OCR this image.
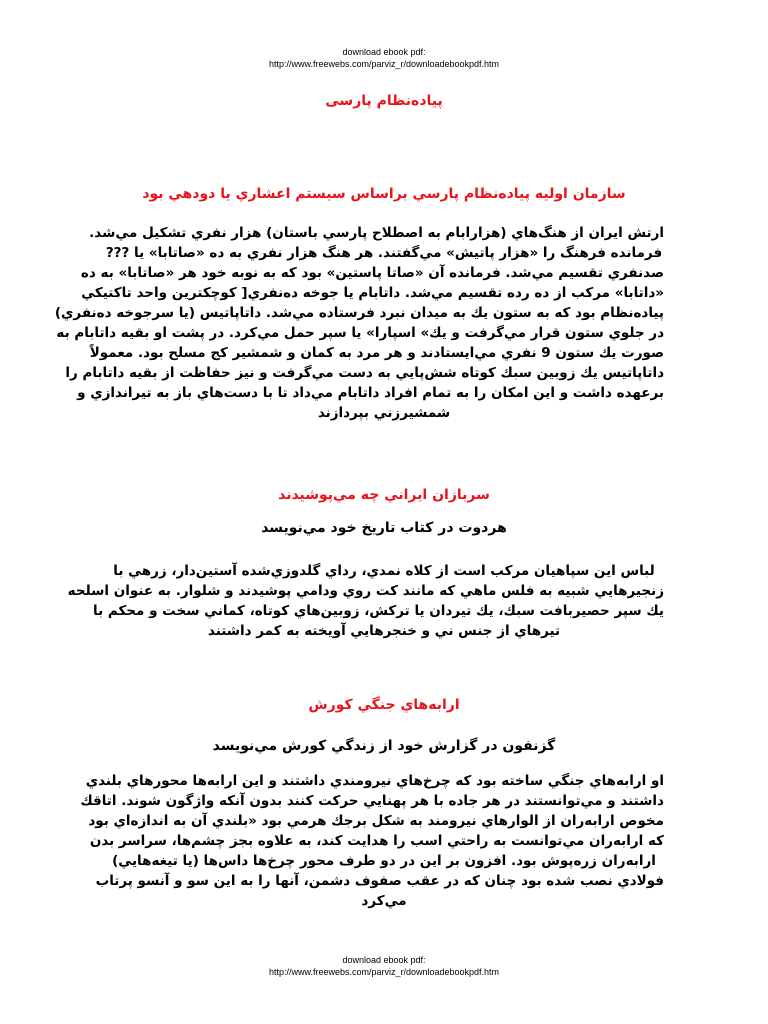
download ebook pdf:
http://www.freewebs.com/parviz_r/downloadebookpdf.htm
پیادەنظام پارسی
سازمان اوليه پيادەنظام پارسي براساس سيستم اعشاري يا دودهي بود
ارتش ايران از هنگ‌هاي (هزارابام به اصطلاح پارسي باستان) هزار نفري تشكيل مي‌شد.
فرمانده فرهنگ را «هزار پاتيش» مي‌گفتند. هر هنگ هزار نفري به ده «صاتابا» يا ???
صدنفري تقسيم مي‌شد. فرمانده آن «صاتا پاستين» بود كه به نوبه خود هر «صاتابا» به ده
«داتابا» مركب از ده رده تقسيم مي‌شد. داتابام يا جوخه دەنفري[ كوچكترين واحد تاكتيكي
پيادەنظام بود كه به ستون يك به ميدان نبرد فرستاده مي‌شد. داتاپاتيس (يا سرجوخه دەنفري)
در جلوي ستون قرار مي‌گرفت و يك» اسپارا» يا سپر حمل مي‌كرد. در پشت او بقيه داتابام به
صورت يك ستون 9 نفري مي‌ايستادند و هر مرد به كمان و شمشير كج مسلح بود. معمولاً
داتاپاتيس يك زوبين سبك كوتاه شش‌پايي به دست مي‌گرفت و نيز حفاظت از بقيه داتابام را
برعهده داشت و اين امكان را به تمام افراد داتابام مي‌داد تا با دست‌هاي باز به تيراندازي و
شمشيرزني بپردازند
سربازان ايراني چه مي‌پوشيدند
هردوت در كتاب تاريخ خود مي‌نويسد
لباس اين سپاهيان مركب است از كلاه نمدي، رداي گلدوزي‌شده آستين‌دار، زرهي با
زنجيرهايي شبيه به فلس ماهي كه مانند كت روي ودامي پوشيدند و شلوار. به عنوان اسلحه
يك سپر حصيربافت سبك، يك تيردان يا تركش، زوبين‌هاي كوتاه، كماني سخت و محكم با
تيرهاي از جنس ني و خنجرهايي آويخته به كمر داشتند
ارابه‌هاي جنگي كورش
گزنفون در گزارش خود از زندگي كورش مي‌نويسد
او ارابه‌هاي جنگي ساخته بود كه چرخ‌هاي نيرومندي داشتند و اين ارابه‌ها محورهاي بلندي
داشتند و مي‌توانستند در هر جاده با هر پهنايي حركت كنند بدون آنكه واژگون شوند. اتاقك
مخوص ارابه‌ران از الوارهاي نيرومند به شكل برجك هرمي بود «بلندي آن به اندازه‌اي بود
كه ارابه‌ران مي‌توانست به راحتي اسب را هدايت كند، به علاوه بجز چشم‌ها، سراسر بدن
ارابه‌ران زره‌پوش بود. افزون بر اين در دو طرف محور چرخ‌ها داس‌ها (يا تيغه‌هايي)
فولادي نصب شده بود چنان كه در عقب صفوف دشمن، آنها را به اين سو و آنسو پرتاب
مي‌كرد
download ebook pdf:
http://www.freewebs.com/parviz_r/downloadebookpdf.htm
